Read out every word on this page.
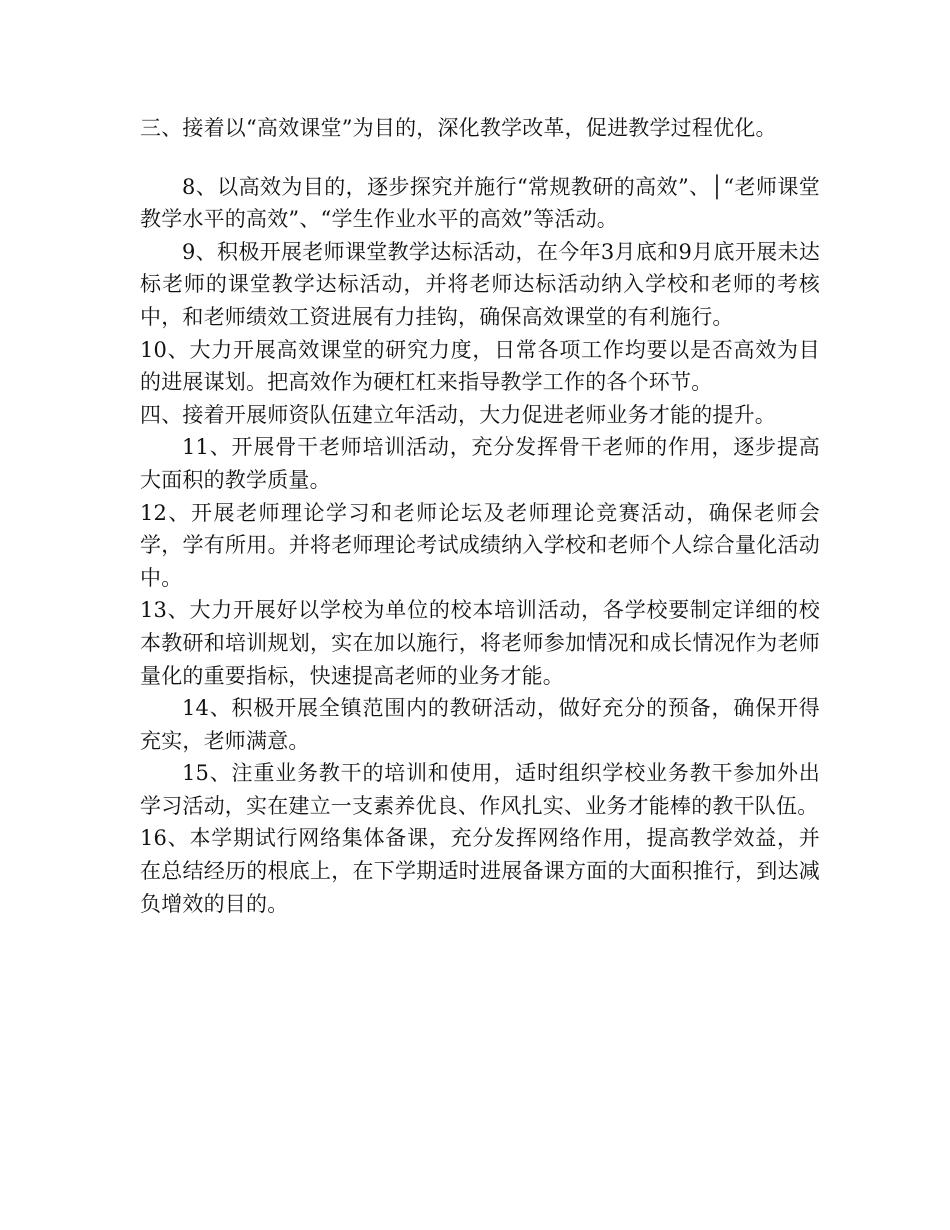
三、接着以“高效课堂”为目的，深化教学改革，促进教学过程优化。

8、以高效为目的，逐步探究并施行“常规教研的高效”、│“老师课堂教学水平的高效”、“学生作业水平的高效”等活动。

9、积极开展老师课堂教学达标活动，在今年3月底和9月底开展未达标老师的课堂教学达标活动，并将老师达标活动纳入学校和老师的考核中，和老师绩效工资进展有力挂钩，确保高效课堂的有利施行。

10、大力开展高效课堂的研究力度，日常各项工作均要以是否高效为目的进展谋划。把高效作为硬杠杠来指导教学工作的各个环节。

四、接着开展师资队伍建立年活动，大力促进老师业务才能的提升。

11、开展骨干老师培训活动，充分发挥骨干老师的作用，逐步提高大面积的教学质量。

12、开展老师理论学习和老师论坛及老师理论竞赛活动，确保老师会学，学有所用。并将老师理论考试成绩纳入学校和老师个人综合量化活动中。

13、大力开展好以学校为单位的校本培训活动，各学校要制定详细的校本教研和培训规划，实在加以施行，将老师参加情况和成长情况作为老师量化的重要指标，快速提高老师的业务才能。

14、积极开展全镇范围内的教研活动，做好充分的预备，确保开得充实，老师满意。

15、注重业务教干的培训和使用，适时组织学校业务教干参加外出学习活动，实在建立一支素养优良、作风扎实、业务才能棒的教干队伍。

16、本学期试行网络集体备课，充分发挥网络作用，提高教学效益，并在总结经历的根底上，在下学期适时进展备课方面的大面积推行，到达减负增效的目的。
